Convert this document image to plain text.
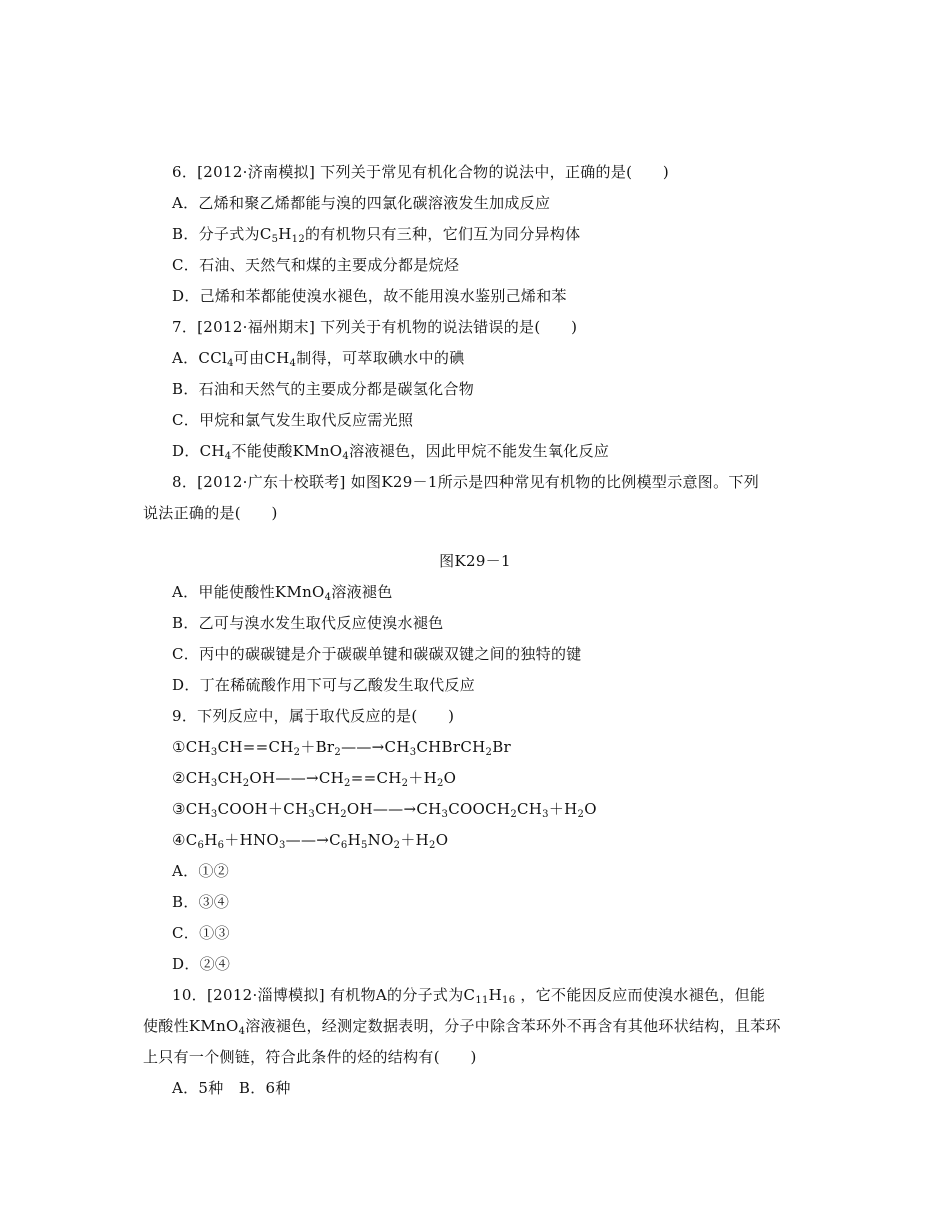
6．[2012·济南模拟] 下列关于常见有机化合物的说法中，正确的是(　　)
A．乙烯和聚乙烯都能与溴的四氯化碳溶液发生加成反应
B．分子式为$C_5H_{12}$的有机物只有三种，它们互为同分异构体
C．石油、天然气和煤的主要成分都是烷烃
D．己烯和苯都能使溴水褪色，故不能用溴水鉴别己烯和苯
7．[2012·福州期末] 下列关于有机物的说法错误的是(　　)
A．CCl$_4$可由$CH_4$制得，可萃取碘水中的碘
B．石油和天然气的主要成分都是碳氢化合物
C．甲烷和氯气发生取代反应需光照
D．$CH_4$不能使酸KMnO$_4$溶液褪色，因此甲烷不能发生氧化反应
8．[2012·广东十校联考] 如图K29－1所示是四种常见有机物的比例模型示意图。下列
说法正确的是(　　)
图K29－1
A．甲能使酸性KMnO$_4$溶液褪色
B．乙可与溴水发生取代反应使溴水褪色
C．丙中的碳碳键是介于碳碳单键和碳碳双键之间的独特的键
D．丁在稀硫酸作用下可与乙酸发生取代反应
9．下列反应中，属于取代反应的是(　　)
$①CH_3CH==CH_2+Br_2——\to CH_3CHBrCH_2Br$
$②CH_3CH_2OH——\to CH_2==CH_2+H_2O$
$③CH_3COOH+CH_3CH_2OH——\to CH_3COOCH_2CH_3+H_2O$
$④C_6H_6+HNO_3——\to C_6H_5NO_2+H_2O$
A．①②
B．③④
C．①③
D．②④
10．[2012·淄博模拟] 有机物A的分子式为$C_{11}H_{16}$ ，它不能因反应而使溴水褪色，但能
使酸性KMnO$_4$溶液褪色，经测定数据表明，分子中除含苯环外不再含有其他环状结构，且苯环
上只有一个侧链，符合此条件的烃的结构有(　　)
A．5种　B．6种
